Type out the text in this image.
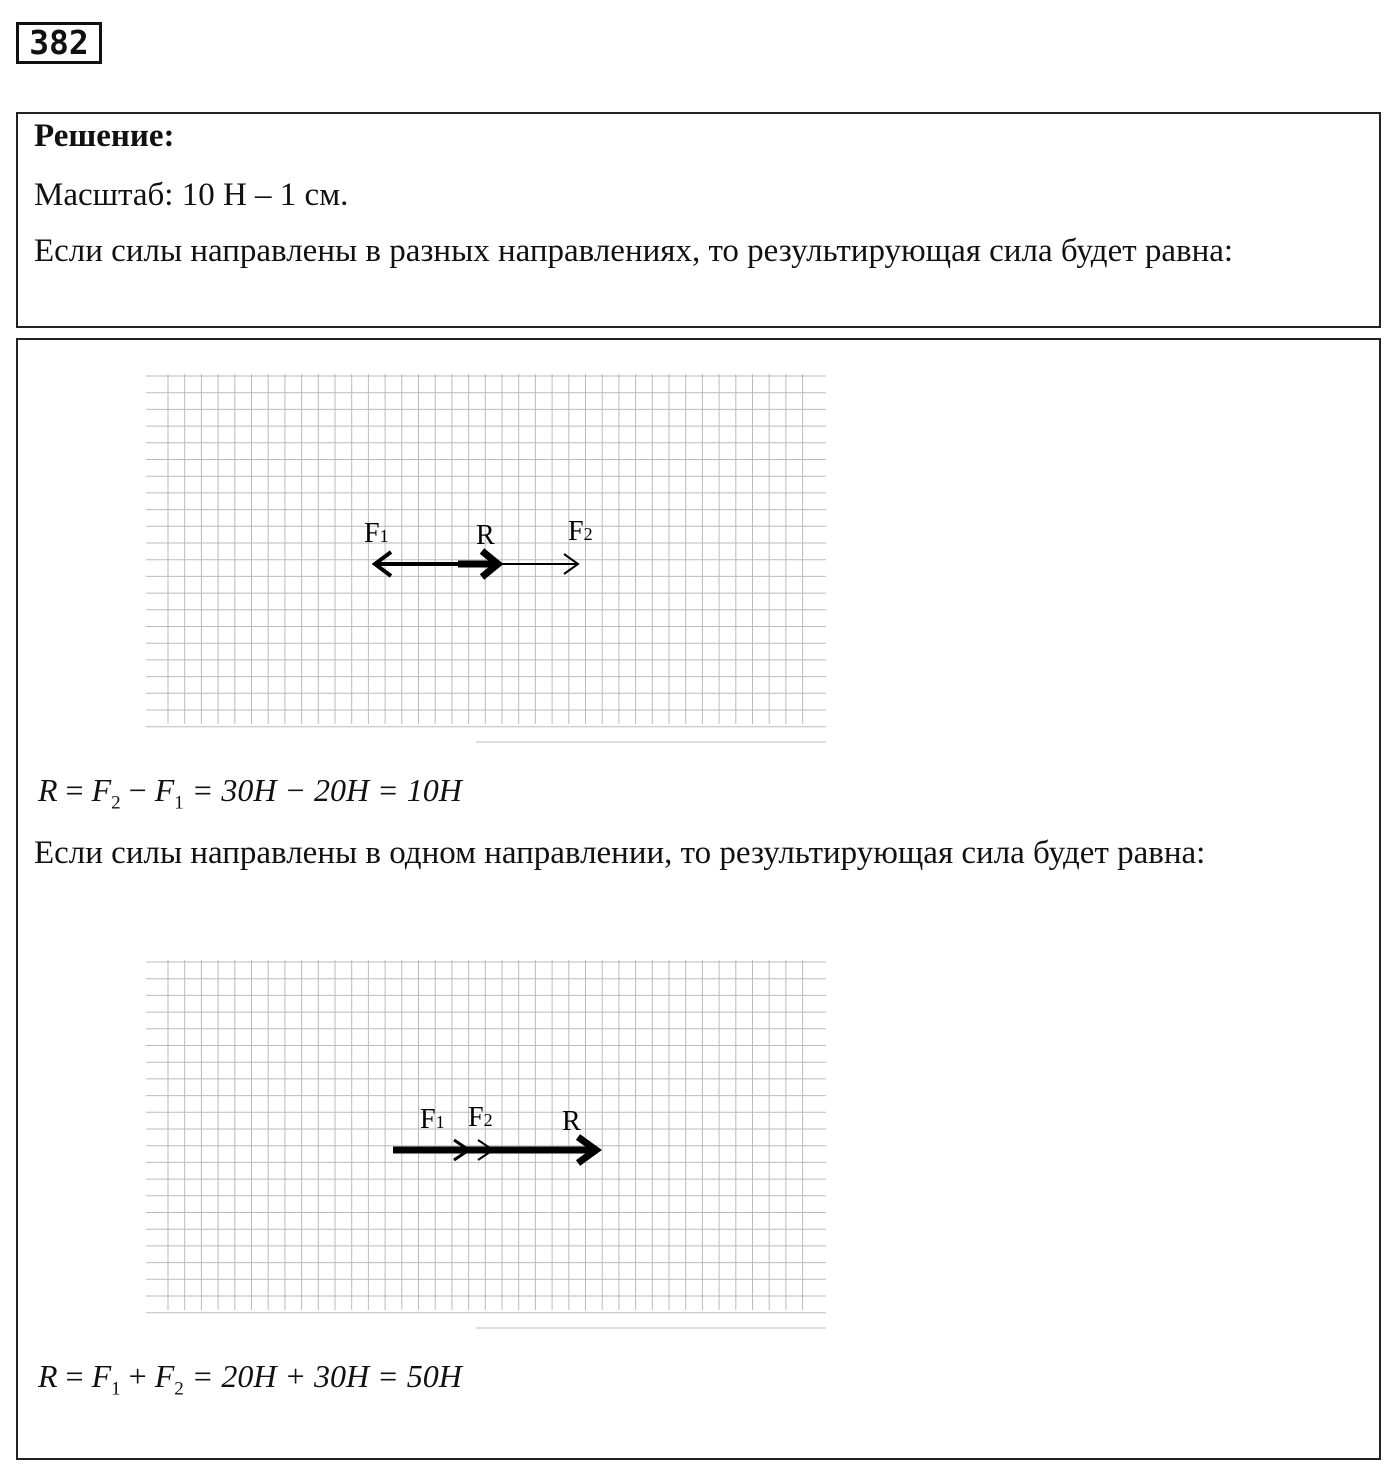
382
Решение:
Масштаб: 10 Н – 1 см.
Если силы направлены в разных направлениях, то результирующая сила будет равна:
F1	R	F2
$R = F_2 - F_1 = 30H - 20H = 10H$
Если силы направлены в одном направлении, то результирующая сила будет равна:
F1 F2 R
$R = F_1 + F_2 = 20H + 30H = 50H$
